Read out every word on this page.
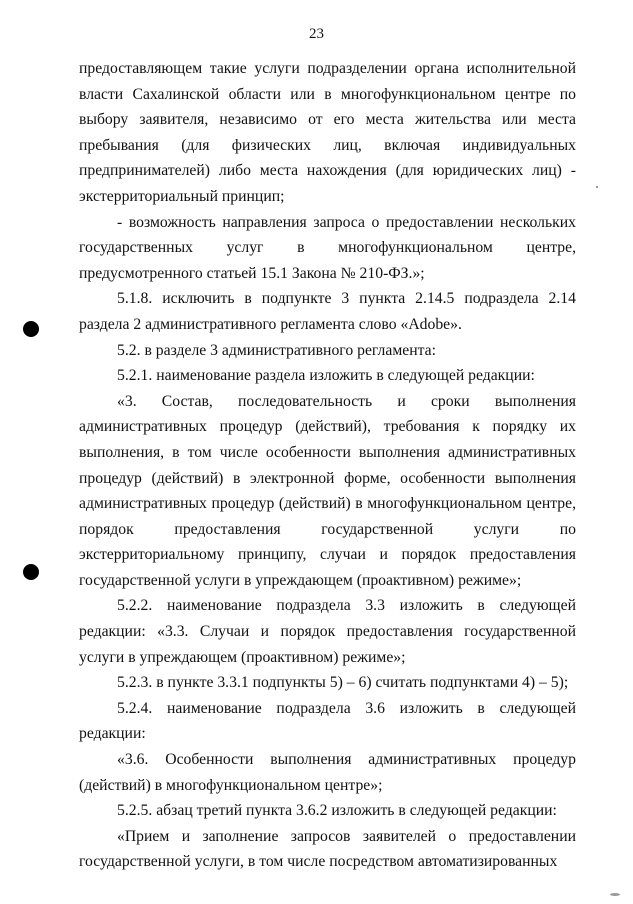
23

предоставляющем такие услуги подразделении органа исполнительной власти Сахалинской области или в многофункциональном центре по выбору заявителя, независимо от его места жительства или места пребывания (для физических лиц, включая индивидуальных предпринимателей) либо места нахождения (для юридических лиц) - экстерриториальный принцип;

- возможность направления запроса о предоставлении нескольких государственных услуг в многофункциональном центре, предусмотренного статьей 15.1 Закона № 210-ФЗ.»;

5.1.8. исключить в подпункте 3 пункта 2.14.5 подраздела 2.14 раздела 2 административного регламента слово «Adobe».

5.2. в разделе 3 административного регламента:

5.2.1. наименование раздела изложить в следующей редакции:

«3. Состав, последовательность и сроки выполнения административных процедур (действий), требования к порядку их выполнения, в том числе особенности выполнения административных процедур (действий) в электронной форме, особенности выполнения административных процедур (действий) в многофункциональном центре, порядок предоставления государственной услуги по экстерриториальному принципу, случаи и порядок предоставления государственной услуги в упреждающем (проактивном) режиме»;

5.2.2. наименование подраздела 3.3 изложить в следующей редакции: «3.3. Случаи и порядок предоставления государственной услуги в упреждающем (проактивном) режиме»;

5.2.3. в пункте 3.3.1 подпункты 5) – 6) считать подпунктами 4) – 5);

5.2.4. наименование подраздела 3.6 изложить в следующей редакции:

«3.6. Особенности выполнения административных процедур (действий) в многофункциональном центре»;

5.2.5. абзац третий пункта 3.6.2 изложить в следующей редакции:

«Прием и заполнение запросов заявителей о предоставлении государственной услуги, в том числе посредством автоматизированных
